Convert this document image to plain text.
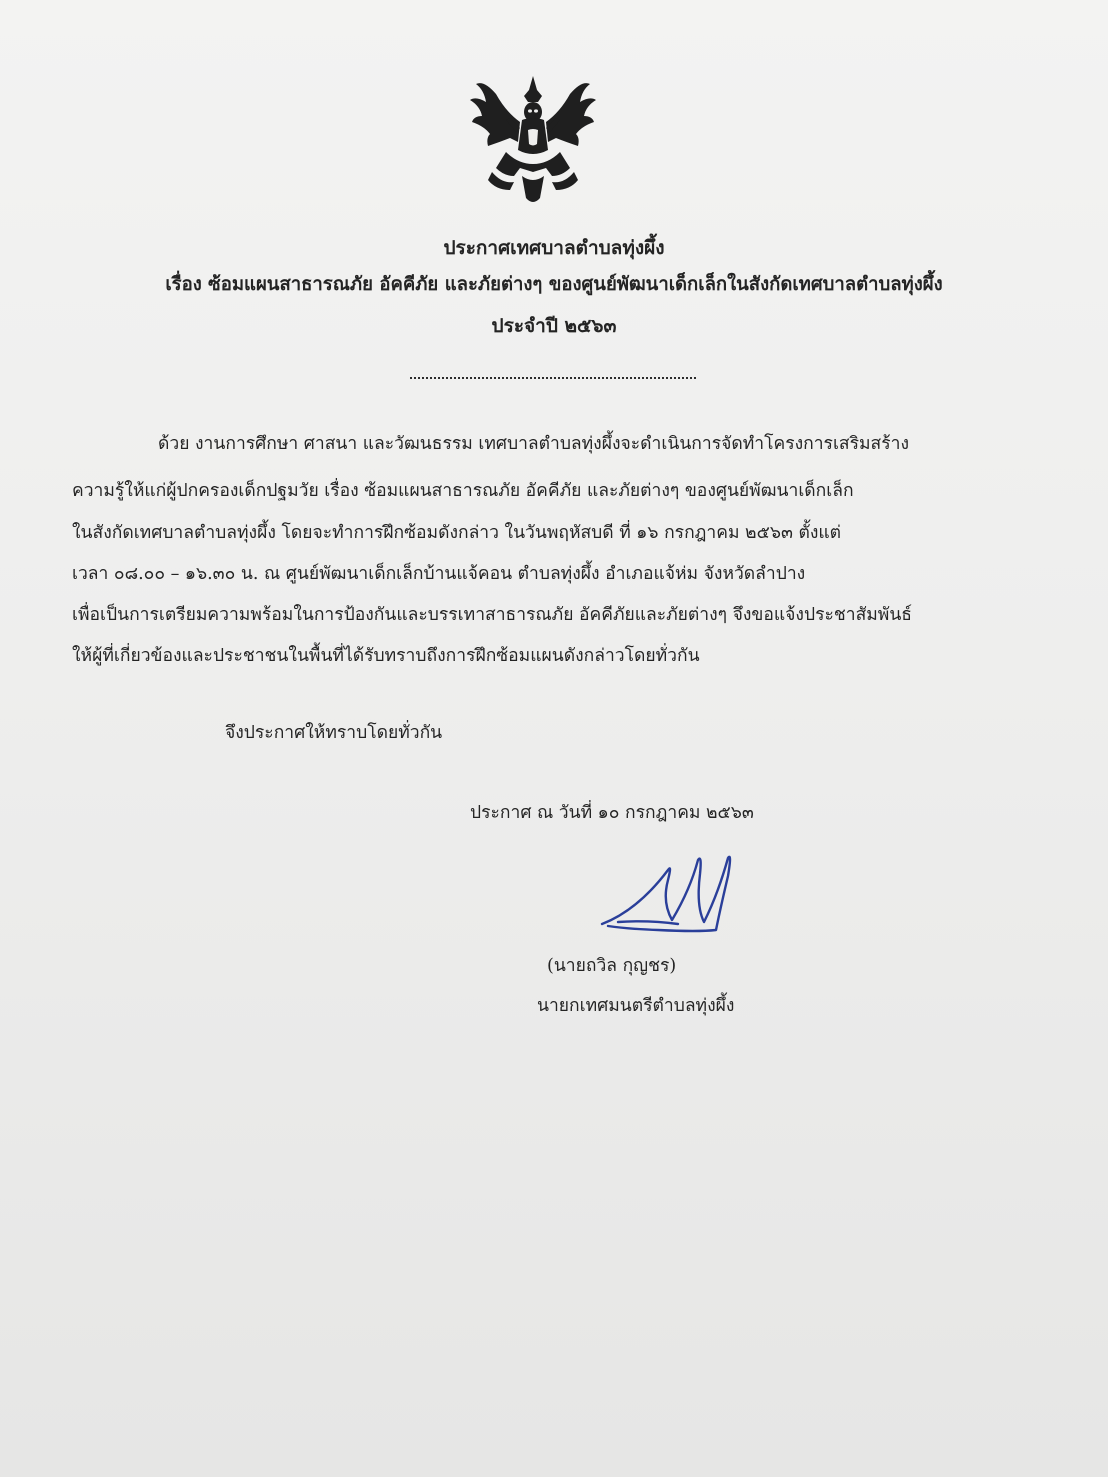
ประกาศเทศบาลตำบลทุ่งผึ้ง
เรื่อง ซ้อมแผนสาธารณภัย อัคคีภัย และภัยต่างๆ ของศูนย์พัฒนาเด็กเล็กในสังกัดเทศบาลตำบลทุ่งผึ้ง
ประจำปี ๒๕๖๓
ด้วย งานการศึกษา ศาสนา และวัฒนธรรม เทศบาลตำบลทุ่งผึ้งจะดำเนินการจัดทำโครงการเสริมสร้าง
ความรู้ให้แก่ผู้ปกครองเด็กปฐมวัย เรื่อง ซ้อมแผนสาธารณภัย อัคคีภัย และภัยต่างๆ ของศูนย์พัฒนาเด็กเล็ก
ในสังกัดเทศบาลตำบลทุ่งผึ้ง โดยจะทำการฝึกซ้อมดังกล่าว ในวันพฤหัสบดี ที่ ๑๖ กรกฎาคม ๒๕๖๓ ตั้งแต่
เวลา ๐๘.๐๐ – ๑๖.๓๐ น. ณ ศูนย์พัฒนาเด็กเล็กบ้านแจ้คอน ตำบลทุ่งผึ้ง อำเภอแจ้ห่ม จังหวัดลำปาง
เพื่อเป็นการเตรียมความพร้อมในการป้องกันและบรรเทาสาธารณภัย อัคคีภัยและภัยต่างๆ จึงขอแจ้งประชาสัมพันธ์
ให้ผู้ที่เกี่ยวข้องและประชาชนในพื้นที่ได้รับทราบถึงการฝึกซ้อมแผนดังกล่าวโดยทั่วกัน
จึงประกาศให้ทราบโดยทั่วกัน
ประกาศ ณ วันที่ ๑๐ กรกฎาคม ๒๕๖๓
(นายถวิล กุญชร)
นายกเทศมนตรีตำบลทุ่งผึ้ง
